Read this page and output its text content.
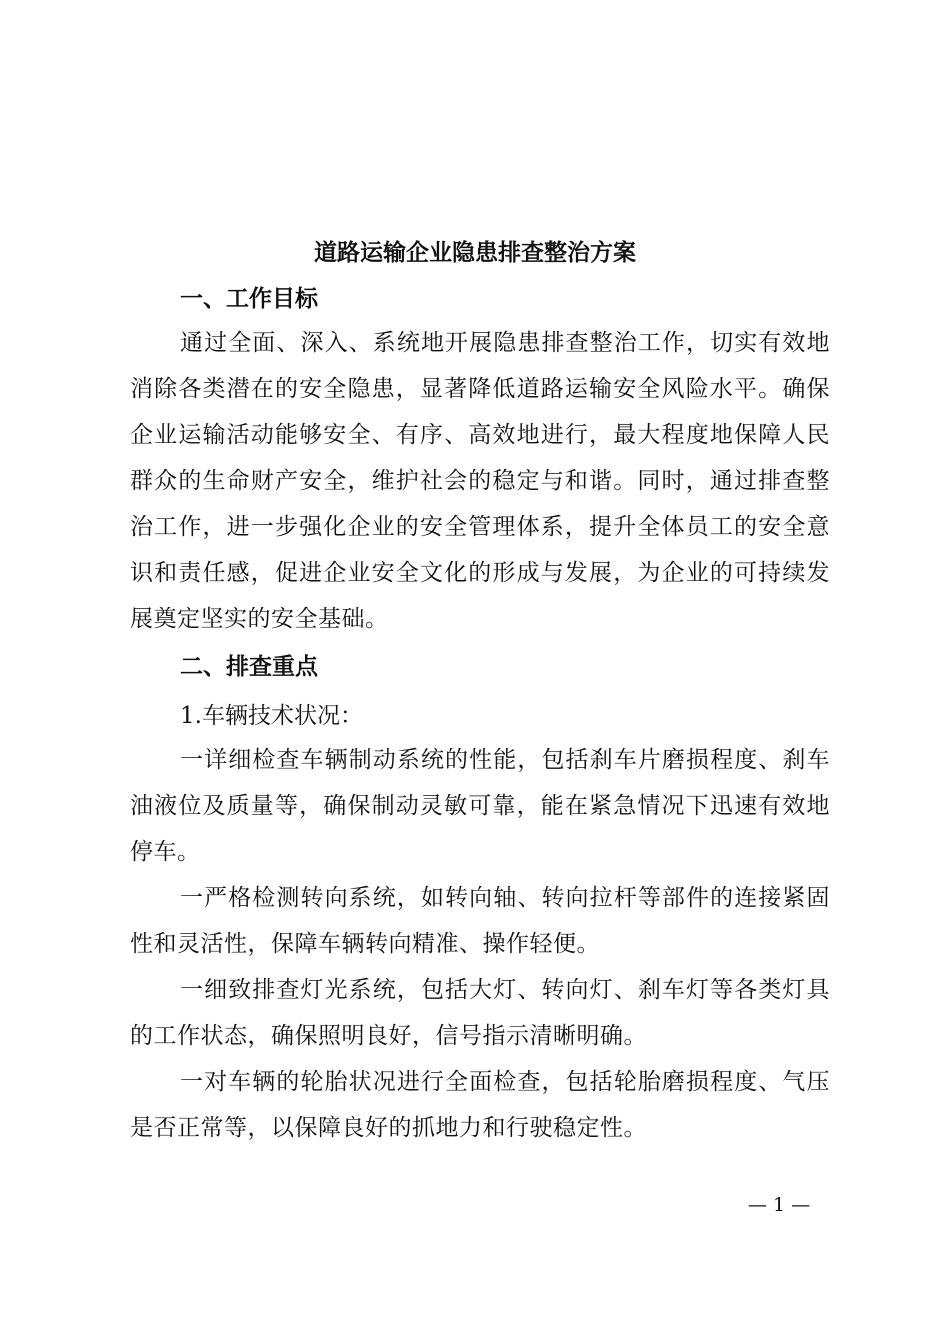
道路运输企业隐患排查整治方案
一、工作目标
通过全面、深入、系统地开展隐患排查整治工作，切实有效地消除各类潜在的安全隐患，显著降低道路运输安全风险水平。确保企业运输活动能够安全、有序、高效地进行，最大程度地保障人民群众的生命财产安全，维护社会的稳定与和谐。同时，通过排查整治工作，进一步强化企业的安全管理体系，提升全体员工的安全意识和责任感，促进企业安全文化的形成与发展，为企业的可持续发展奠定坚实的安全基础。
二、排查重点
1.车辆技术状况：
一详细检查车辆制动系统的性能，包括刹车片磨损程度、刹车油液位及质量等，确保制动灵敏可靠，能在紧急情况下迅速有效地停车。
一严格检测转向系统，如转向轴、转向拉杆等部件的连接紧固性和灵活性，保障车辆转向精准、操作轻便。
一细致排查灯光系统，包括大灯、转向灯、刹车灯等各类灯具的工作状态，确保照明良好，信号指示清晰明确。
一对车辆的轮胎状况进行全面检查，包括轮胎磨损程度、气压是否正常等，以保障良好的抓地力和行驶稳定性。
— 1 —
